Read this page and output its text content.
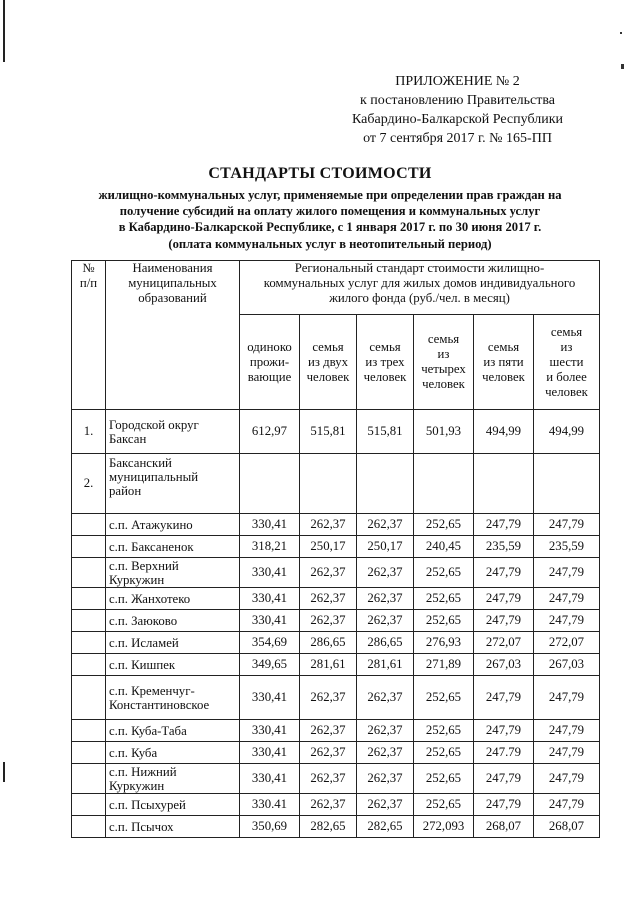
ПРИЛОЖЕНИЕ № 2
к постановлению Правительства
Кабардино-Балкарской Республики
от 7 сентября 2017 г. № 165-ПП
СТАНДАРТЫ СТОИМОСТИ
жилищно-коммунальных услуг, применяемые при определении прав граждан на
получение субсидий на оплату жилого помещения и коммунальных услуг
в Кабардино-Балкарской Республике, с 1 января 2017 г. по 30 июня 2017 г.
(оплата коммунальных услуг в неотопительный период)
№
п/п	Наименования
муниципальных
образований	Региональный стандарт стоимости жилищно-
коммунальных услуг для жилых домов индивидуального
жилого фонда (руб./чел. в месяц)					
		одиноко
прожи-
вающие	семья
из двух
человек	семья
из трех
человек	семья
из
четырех
человек	семья
из пяти
человек	семья
из
шести
и более
человек
1.	Городской округ
Баксан	612,97	515,81	515,81	501,93	494,99	494,99
2.	Баксанский
муниципальный
район						
	с.п. Атажукино	330,41	262,37	262,37	252,65	247,79	247,79
	с.п. Баксаненок	318,21	250,17	250,17	240,45	235,59	235,59
	с.п. Верхний
Куркужин	330,41	262,37	262,37	252,65	247,79	247,79
	с.п. Жанхотеко	330,41	262,37	262,37	252,65	247,79	247,79
	с.п. Заюково	330,41	262,37	262,37	252,65	247,79	247,79
	с.п. Исламей	354,69	286,65	286,65	276,93	272,07	272,07
	с.п. Кишпек	349,65	281,61	281,61	271,89	267,03	267,03
	с.п. Кременчуг-
Константиновское	330,41	262,37	262,37	252,65	247,79	247,79
	с.п. Куба-Таба	330,41	262,37	262,37	252,65	247,79	247,79
	с.п. Куба	330,41	262,37	262,37	252,65	247.79	247,79
	с.п. Нижний
Куркужин	330,41	262,37	262,37	252,65	247,79	247,79
	с.п. Псыхурей	330.41	262,37	262,37	252,65	247,79	247,79
	с.п. Псычох	350,69	282,65	282,65	272,093	268,07	268,07
